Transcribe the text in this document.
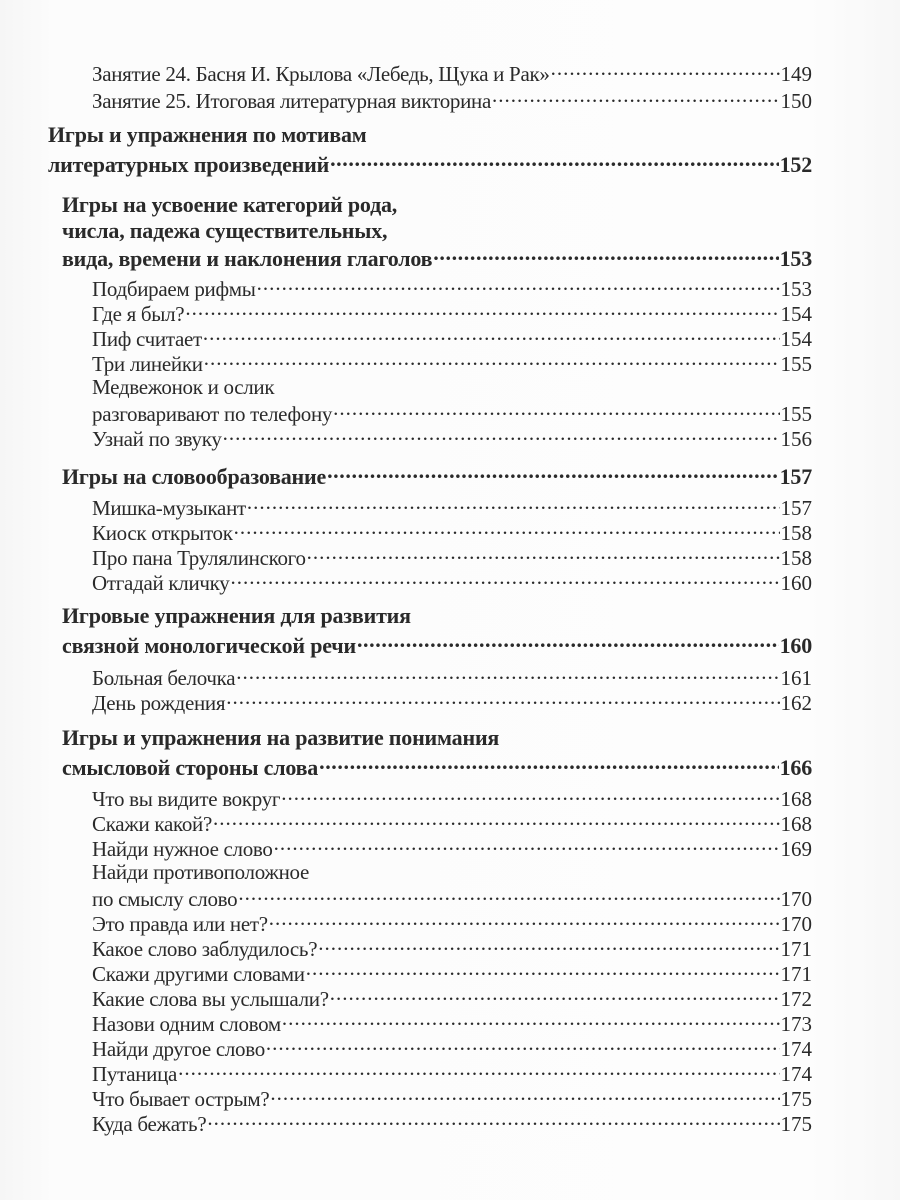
Занятие 24. Басня И. Крылова «Лебедь, Щука и Рак» .....	149
Занятие 25. Итоговая литературная викторина .....	150
Игры и упражнения по мотивам
литературных произведений .....	152
Игры на усвоение категорий рода,
числа, падежа существительных,
вида, времени и наклонения глаголов .....	153
Подбираем рифмы .....	153
Где я был? .....	154
Пиф считает .....	154
Три линейки .....	155
Медвежонок и ослик
разговаривают по телефону .....	155
Узнай по звуку .....	156
Игры на словообразование .....	157
Мишка-музыкант .....	157
Киоск открыток .....	158
Про пана Трулялинского .....	158
Отгадай кличку .....	160
Игровые упражнения для развития
связной монологической речи .....	160
Больная белочка .....	161
День рождения .....	162
Игры и упражнения на развитие понимания
смысловой стороны слова .....	166
Что вы видите вокруг .....	168
Скажи какой? .....	168
Найди нужное слово .....	169
Найди противоположное
по смыслу слово .....	170
Это правда или нет? .....	170
Какое слово заблудилось? .....	171
Скажи другими словами .....	171
Какие слова вы услышали? .....	172
Назови одним словом .....	173
Найди другое слово .....	174
Путаница .....	174
Что бывает острым? .....	175
Куда бежать? .....	175
